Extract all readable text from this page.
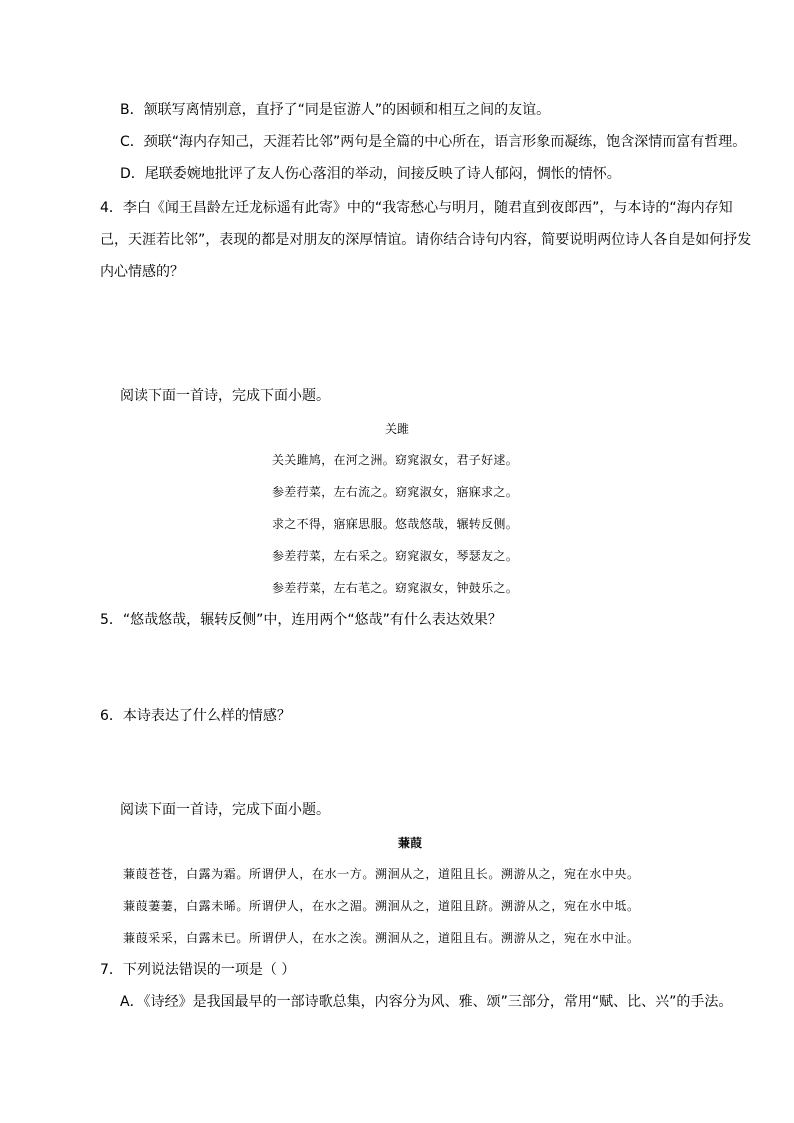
B．颔联写离情别意，直抒了“同是宦游人”的困顿和相互之间的友谊。
C．颈联“海内存知己，天涯若比邻”两句是全篇的中心所在，语言形象而凝练，饱含深情而富有哲理。
D．尾联委婉地批评了友人伤心落泪的举动，间接反映了诗人郁闷，惆怅的情怀。
4．李白《闻王昌龄左迁龙标遥有此寄》中的“我寄愁心与明月，随君直到夜郎西”，与本诗的“海内存知
己，天涯若比邻”，表现的都是对朋友的深厚情谊。请你结合诗句内容，简要说明两位诗人各自是如何抒发
内心情感的？
阅读下面一首诗，完成下面小题。
关雎
关关雎鸠，在河之洲。窈窕淑女，君子好逑。
参差荇菜，左右流之。窈窕淑女，寤寐求之。
求之不得，寤寐思服。悠哉悠哉，辗转反侧。
参差荇菜，左右采之。窈窕淑女，琴瑟友之。
参差荇菜，左右芼之。窈窕淑女，钟鼓乐之。
5．“悠哉悠哉，辗转反侧”中，连用两个“悠哉”有什么表达效果？
6．本诗表达了什么样的情感？
阅读下面一首诗，完成下面小题。
蒹葭
蒹葭苍苍，白露为霜。所谓伊人，在水一方。溯洄从之，道阻且长。溯游从之，宛在水中央。
蒹葭萋萋，白露未晞。所谓伊人，在水之湄。溯洄从之，道阻且跻。溯游从之，宛在水中坻。
蒹葭采采，白露未已。所谓伊人，在水之涘。溯洄从之，道阻且右。溯游从之，宛在水中沚。
7．下列说法错误的一项是（ ）
A．《诗经》是我国最早的一部诗歌总集，内容分为风、雅、颂”三部分，常用“赋、比、兴”的手法。
